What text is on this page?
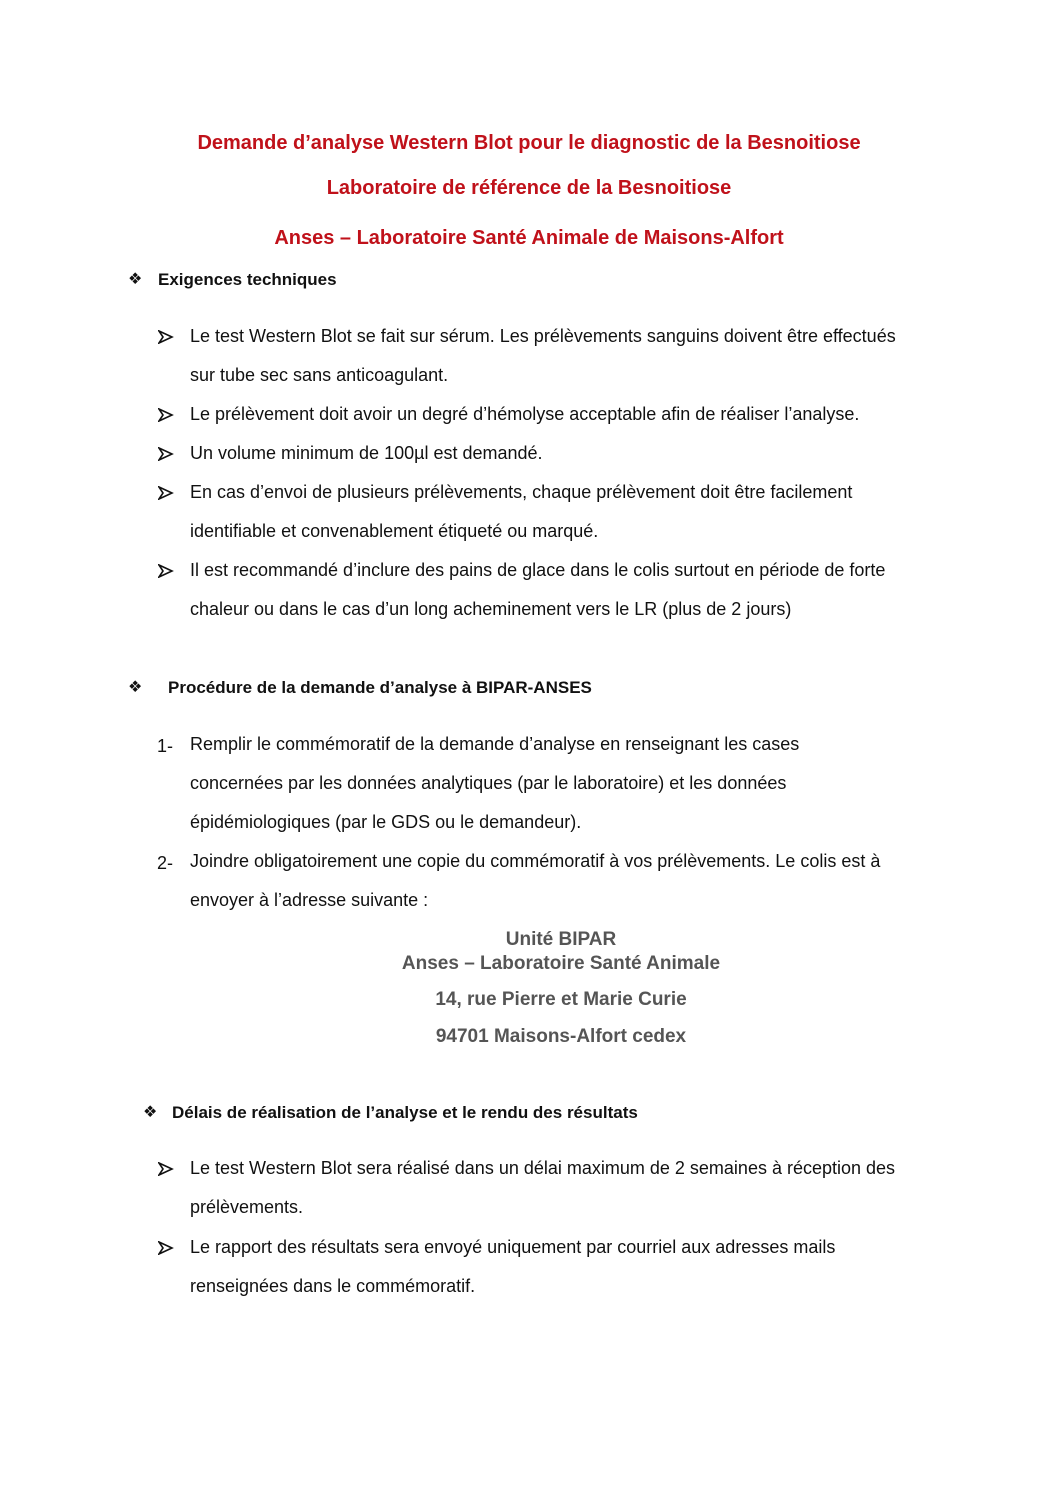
Demande d’analyse Western Blot pour le diagnostic de la Besnoitiose
Laboratoire de référence de la Besnoitiose
Anses – Laboratoire Santé Animale de Maisons-Alfort
❖ Exigences techniques
Le test Western Blot se fait sur sérum. Les prélèvements sanguins doivent être effectués sur tube sec sans anticoagulant.
Le prélèvement doit avoir un degré d’hémolyse acceptable afin de réaliser l’analyse.
Un volume minimum de 100µl est demandé.
En cas d’envoi de plusieurs prélèvements, chaque prélèvement doit être facilement identifiable et convenablement étiqueté ou marqué.
Il est recommandé d’inclure des pains de glace dans le colis surtout en période de forte chaleur ou dans le cas d’un long acheminement vers le LR (plus de 2 jours)
❖ Procédure de la demande d’analyse à BIPAR-ANSES
1- Remplir le commémoratif de la demande d’analyse en renseignant les cases concernées par les données analytiques (par le laboratoire) et les données épidémiologiques (par le GDS ou le demandeur).
2- Joindre obligatoirement une copie du commémoratif à vos prélèvements. Le colis est à envoyer à l’adresse suivante :
Unité BIPAR
Anses – Laboratoire Santé Animale
14, rue Pierre et Marie Curie
94701 Maisons-Alfort cedex
❖ Délais de réalisation de l’analyse et le rendu des résultats
Le test Western Blot sera réalisé dans un délai maximum de 2 semaines à réception des prélèvements.
Le rapport des résultats sera envoyé uniquement par courriel aux adresses mails renseignées dans le commémoratif.
